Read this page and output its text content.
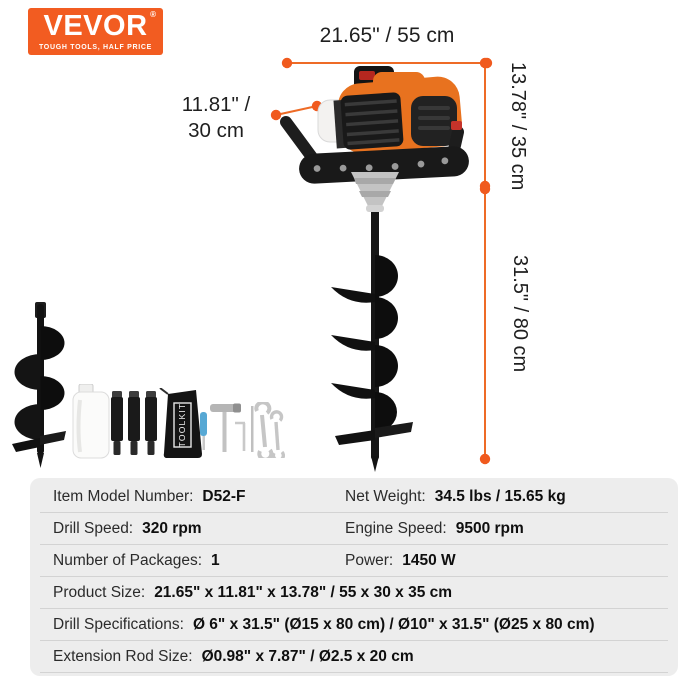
VEVOR ®
TOUGH TOOLS, HALF PRICE
21.65" / 55 cm
11.81" /
30 cm	13.78" / 35 cm
31.5" / 80 cm
TOOLKIT
Item Model Number: D52-F	Net Weight: 34.5 lbs / 15.65 kg
Drill Speed: 320 rpm	Engine Speed: 9500 rpm
Number of Packages: 1	Power: 1450 W
Product Size: 21.65" x 11.81" x 13.78" / 55 x 30 x 35 cm
Drill Specifications: Ø 6" x 31.5" (Ø15 x 80 cm) / Ø10" x 31.5" (Ø25 x 80 cm)
Extension Rod Size: Ø0.98" x 7.87" / Ø2.5 x 20 cm
